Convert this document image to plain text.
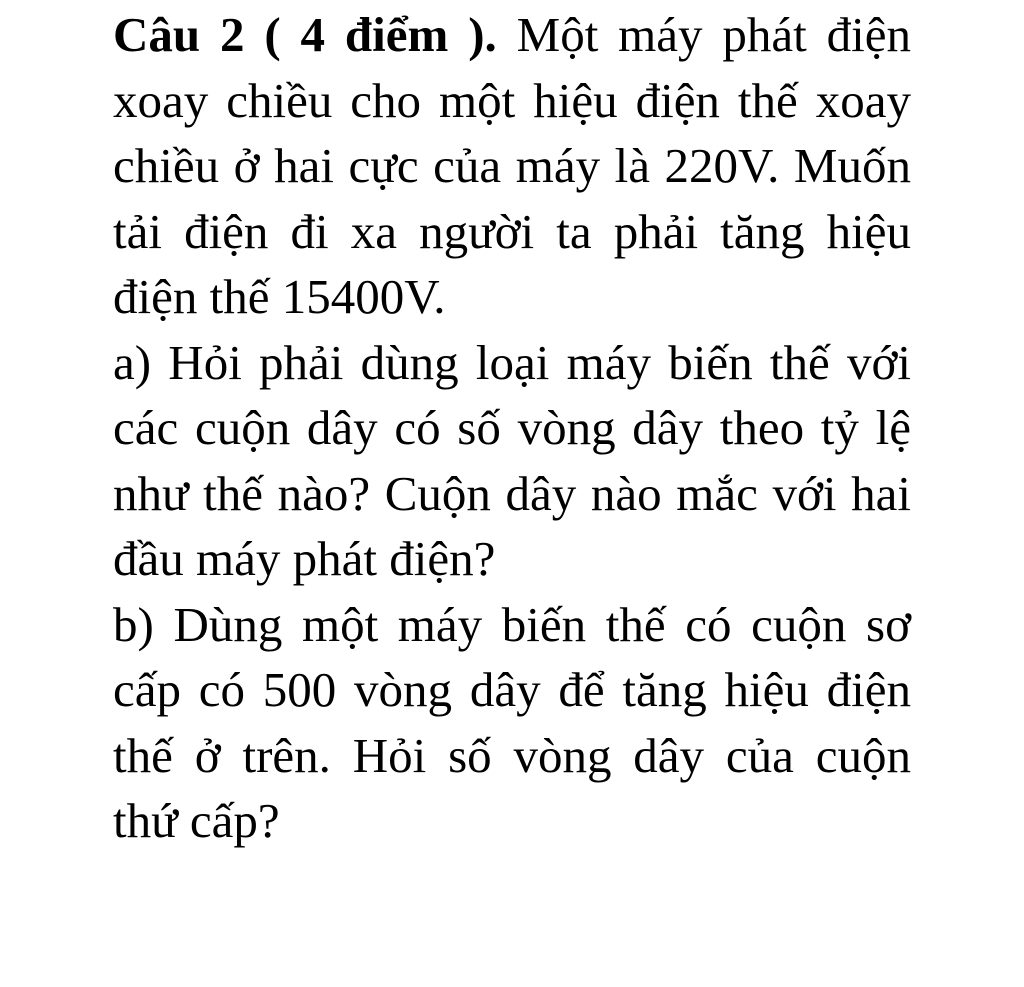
Câu 2 ( 4 điểm ). Một máy phát điện xoay chiều cho một hiệu điện thế xoay chiều ở hai cực của máy là 220V. Muốn tải điện đi xa người ta phải tăng hiệu điện thế 15400V.

a) Hỏi phải dùng loại máy biến thế với các cuộn dây có số vòng dây theo tỷ lệ như thế nào? Cuộn dây nào mắc với hai đầu máy phát điện?

b) Dùng một máy biến thế có cuộn sơ cấp có 500 vòng dây để tăng hiệu điện thế ở trên. Hỏi số vòng dây của cuộn thứ cấp?
